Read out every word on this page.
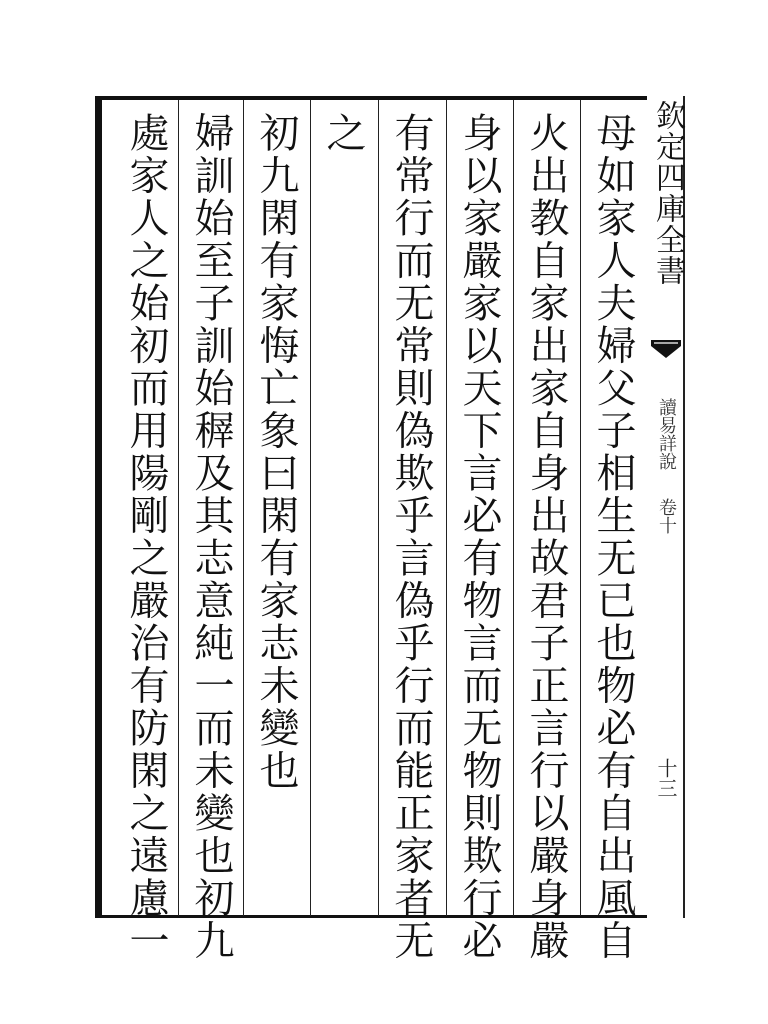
母如家人夫婦父子相生无已也物必有自出風自
火出教自家出家自身出故君子正言行以嚴身嚴
身以家嚴家以天下言必有物言而无物則欺行必
有常行而无常則偽欺乎言偽乎行而能正家者无
之
初九閑有家悔亡象曰閑有家志未變也
婦訓始至子訓始稺及其志意純一而未變也初九
處家人之始初而用陽剛之嚴治有防閑之遠慮一	欽定四庫全書
讀易詳說
卷十
十三
